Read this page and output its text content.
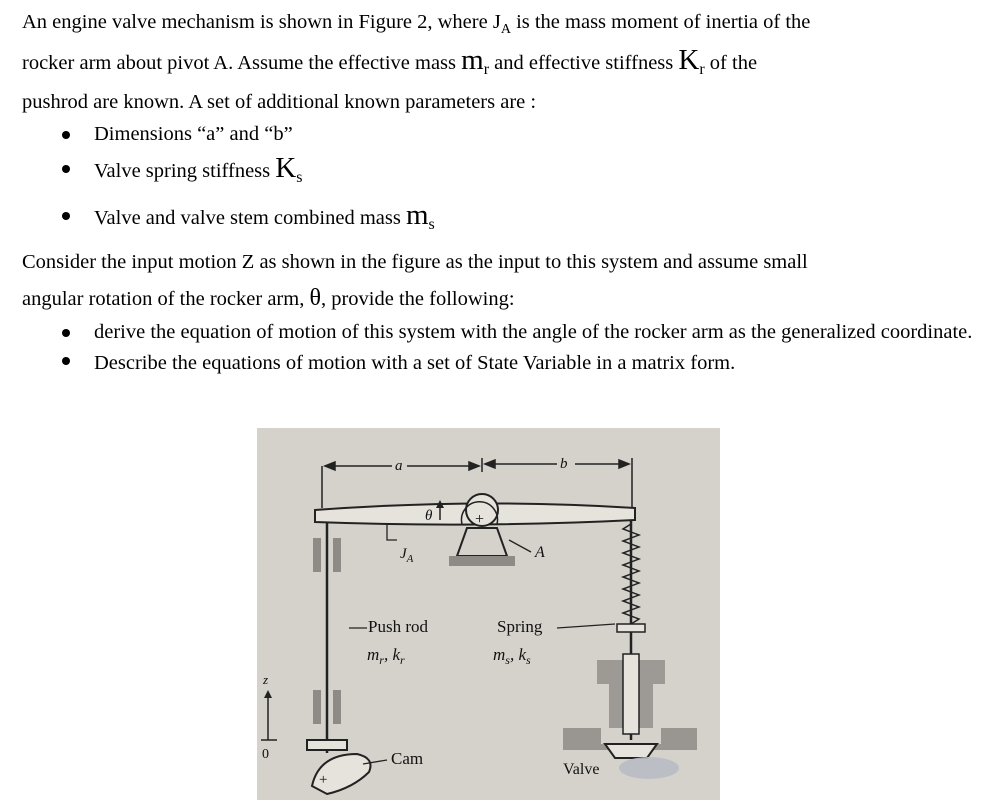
An engine valve mechanism is shown in Figure 2, where $J_A$ is the mass moment of inertia of the

rocker arm about pivot A. Assume the effective mass $m_r$ and effective stiffness $K_r$ of the

pushrod are known. A set of additional known parameters are :

Dimensions “a” and “b”
Valve spring stiffness $K_s$
Valve and valve stem combined mass $m_s$

Consider the input motion Z as shown in the figure as the input to this system and assume small

angular rotation of the rocker arm, θ, provide the following:

derive the equation of motion of this system with the angle of the rocker arm as the generalized coordinate.
Describe the equations of motion with a set of State Variable in a matrix form.
a	b
A
θ	+
$J_A$
Push rod
$m_r$, $k_r$
z
0
+
Cam
Spring
$m_s$, $k_s$
Valve
